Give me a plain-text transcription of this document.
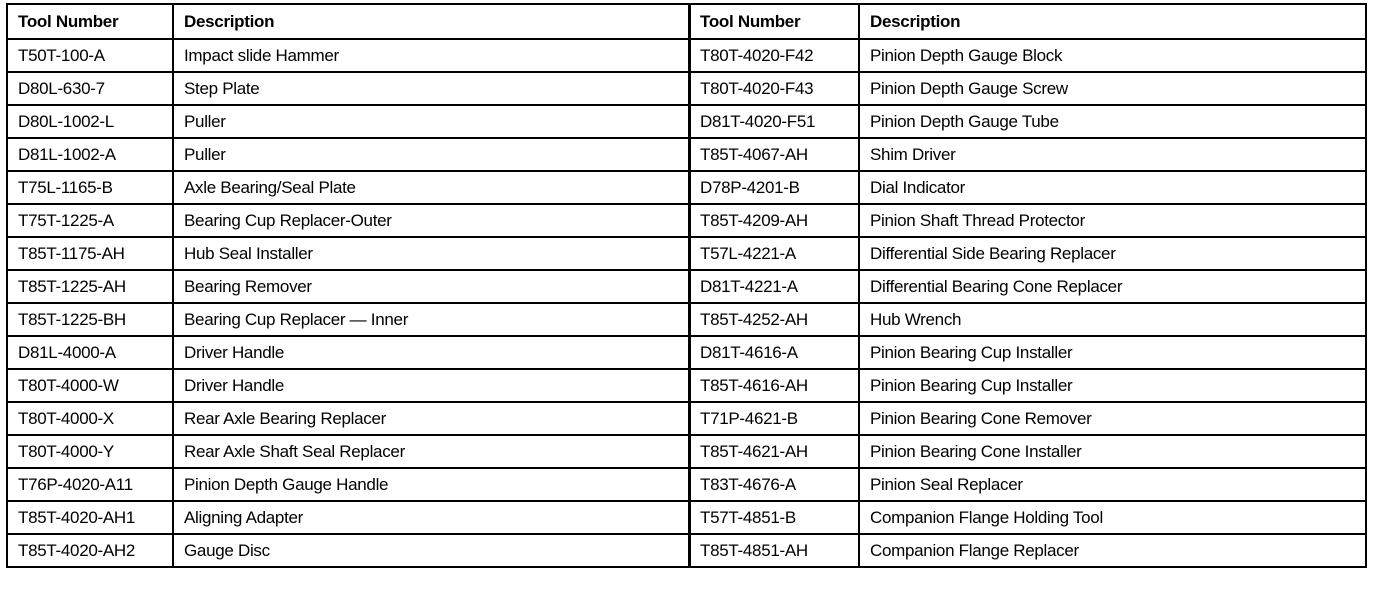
Tool Number	Description
T50T-100-A	Impact slide Hammer
D80L-630-7	Step Plate
D80L-1002-L	Puller
D81L-1002-A	Puller
T75L-1165-B	Axle Bearing/Seal Plate
T75T-1225-A	Bearing Cup Replacer-Outer
T85T-1175-AH	Hub Seal Installer
T85T-1225-AH	Bearing Remover
T85T-1225-BH	Bearing Cup Replacer — Inner
D81L-4000-A	Driver Handle
T80T-4000-W	Driver Handle
T80T-4000-X	Rear Axle Bearing Replacer
T80T-4000-Y	Rear Axle Shaft Seal Replacer
T76P-4020-A11	Pinion Depth Gauge Handle
T85T-4020-AH1	Aligning Adapter
T85T-4020-AH2	Gauge Disc
Tool Number	Description
T80T-4020-F42	Pinion Depth Gauge Block
T80T-4020-F43	Pinion Depth Gauge Screw
D81T-4020-F51	Pinion Depth Gauge Tube
T85T-4067-AH	Shim Driver
D78P-4201-B	Dial Indicator
T85T-4209-AH	Pinion Shaft Thread Protector
T57L-4221-A	Differential Side Bearing Replacer
D81T-4221-A	Differential Bearing Cone Replacer
T85T-4252-AH	Hub Wrench
D81T-4616-A	Pinion Bearing Cup Installer
T85T-4616-AH	Pinion Bearing Cup Installer
T71P-4621-B	Pinion Bearing Cone Remover
T85T-4621-AH	Pinion Bearing Cone Installer
T83T-4676-A	Pinion Seal Replacer
T57T-4851-B	Companion Flange Holding Tool
T85T-4851-AH	Companion Flange Replacer
